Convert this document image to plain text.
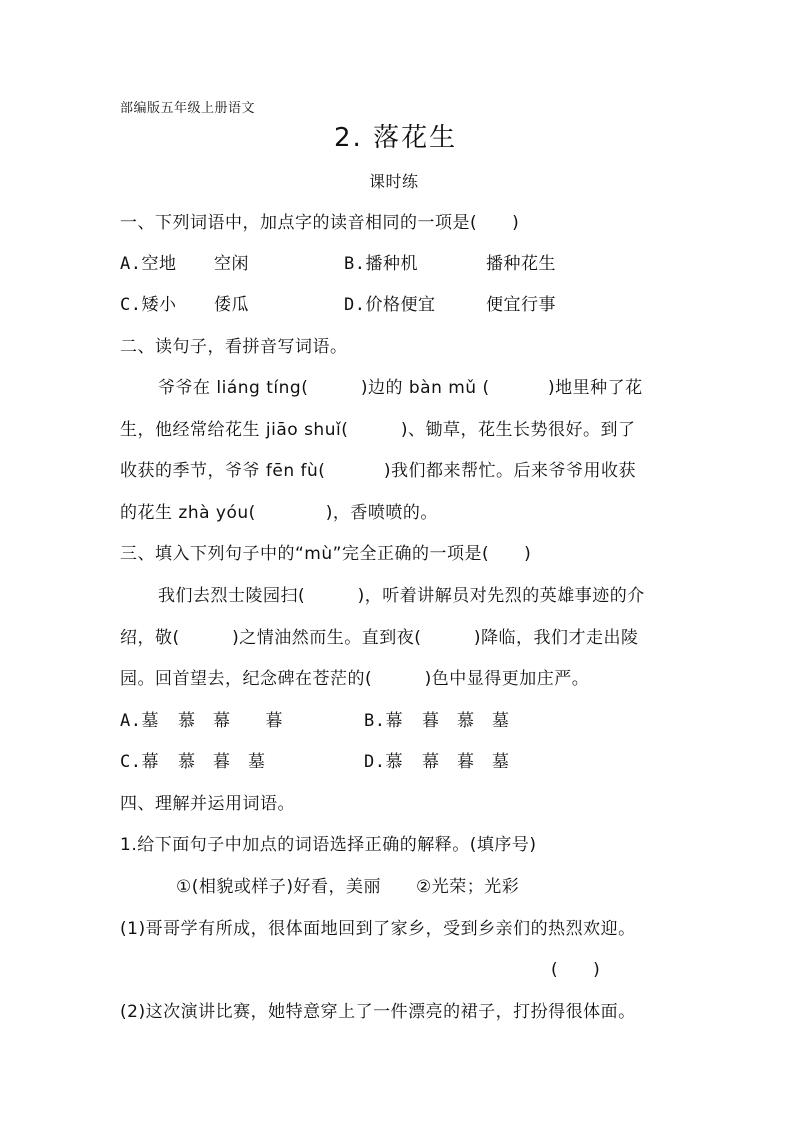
部编版五年级上册语文
2. 落花生
课时练
一、下列词语中，加点字的读音相同的一项是(　　)
A.空地 空闲	B.播种机	播种花生
C.矮小 倭瓜	D.价格便宜	便宜行事
二、读句子，看拼音写词语。
爷爷在 liáng tíng(　　　)边的 bàn mǔ (　　　 )地里种了花
生，他经常给花生 jiāo shuǐ(　　　)、锄草，花生长势很好。到了
收获的季节，爷爷 fēn fù(　　　 )我们都来帮忙。后来爷爷用收获
的花生 zhà yóu(　　　　)，香喷喷的。
三、填入下列句子中的“mù”完全正确的一项是(　　)
我们去烈士陵园扫(　　　)，听着讲解员对先烈的英雄事迹的介
绍，敬(　　　)之情油然而生。直到夜(　　　)降临，我们才走出陵
园。回首望去，纪念碑在苍茫的(　　　)色中显得更加庄严。
A.墓 慕　幕　　暮	B.幕 暮　慕　墓
C.幕 慕　暮　墓	D.慕 幕　暮　墓
四、理解并运用词语。
1.给下面句子中加点的词语选择正确的解释。(填序号)
①(相貌或样子)好看，美丽　　②光荣；光彩
(1)哥哥学有所成，很体面地回到了家乡，受到乡亲们的热烈欢迎。
(　　)
(2)这次演讲比赛，她特意穿上了一件漂亮的裙子，打扮得很体面。
